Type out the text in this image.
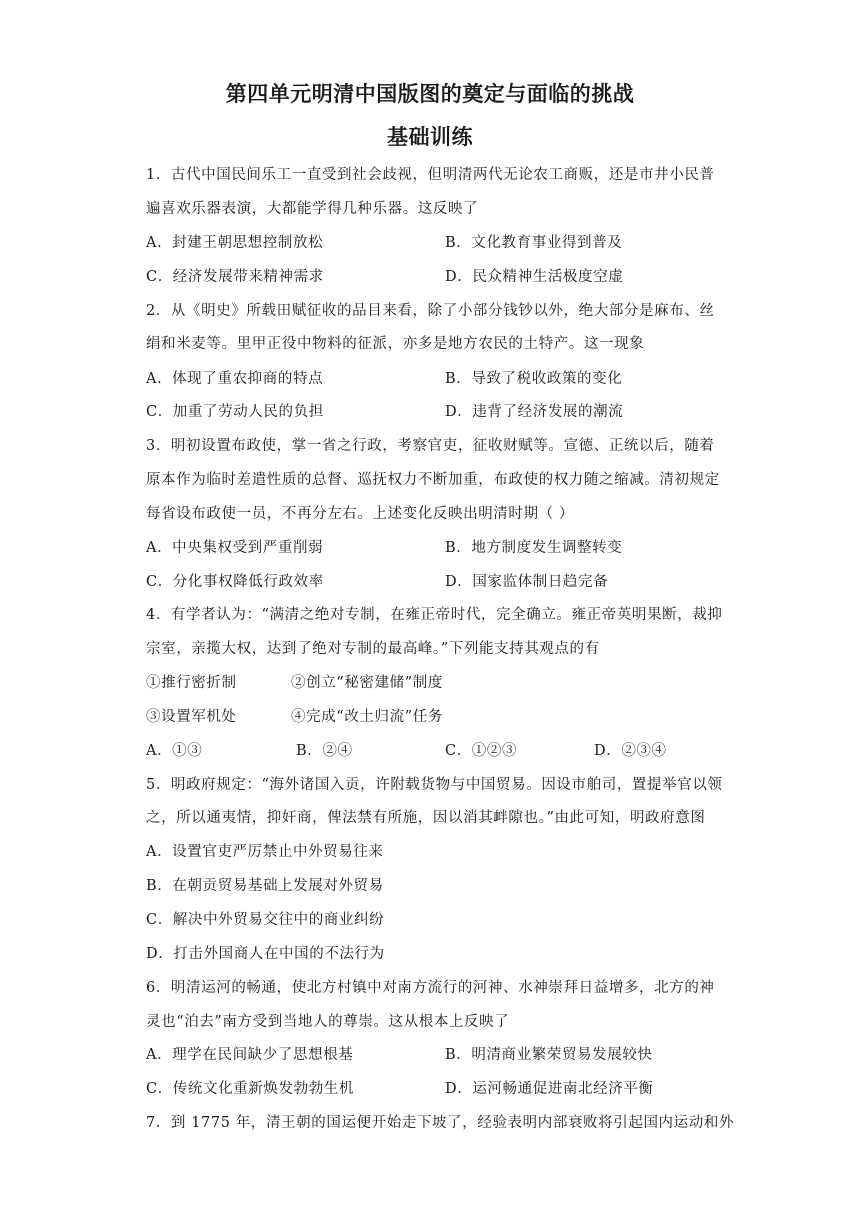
第四单元明清中国版图的奠定与面临的挑战
基础训练
1．古代中国民间乐工一直受到社会歧视，但明清两代无论农工商贩，还是市井小民普
遍喜欢乐器表演，大都能学得几种乐器。这反映了
A．封建王朝思想控制放松	B．文化教育事业得到普及
C．经济发展带来精神需求	D．民众精神生活极度空虚
2．从《明史》所载田赋征收的品目来看，除了小部分钱钞以外，绝大部分是麻布、丝
绢和米麦等。里甲正役中物料的征派，亦多是地方农民的土特产。这一现象
A．体现了重农抑商的特点	B．导致了税收政策的变化
C．加重了劳动人民的负担	D．违背了经济发展的潮流
3．明初设置布政使，掌一省之行政，考察官吏，征收财赋等。宣德、正统以后，随着
原本作为临时差遣性质的总督、巡抚权力不断加重，布政使的权力随之缩减。清初规定
每省设布政使一员，不再分左右。上述变化反映出明清时期（ ）
A．中央集权受到严重削弱	B．地方制度发生调整转变
C．分化事权降低行政效率	D．国家监体制日趋完备
4．有学者认为：“满清之绝对专制，在雍正帝时代，完全确立。雍正帝英明果断，裁抑
宗室，亲揽大权，达到了绝对专制的最高峰。”下列能支持其观点的有
①推行密折制	②创立“秘密建储”制度
③设置军机处	④完成“改土归流”任务
A．①③	B．②④	C．①②③	D．②③④
5．明政府规定：“海外诸国入贡，许附载货物与中国贸易。因设市舶司，置提举官以领
之，所以通夷情，抑奸商，俾法禁有所施，因以消其衅隙也。”由此可知，明政府意图
A．设置官吏严厉禁止中外贸易往来
B．在朝贡贸易基础上发展对外贸易
C．解决中外贸易交往中的商业纠纷
D．打击外国商人在中国的不法行为
6．明清运河的畅通，使北方村镇中对南方流行的河神、水神崇拜日益增多，北方的神
灵也“泊去”南方受到当地人的尊崇。这从根本上反映了
A．理学在民间缺少了思想根基	B．明清商业繁荣贸易发展较快
C．传统文化重新焕发勃勃生机	D．运河畅通促进南北经济平衡
7．到 1775 年，清王朝的国运便开始走下坡了，经验表明内部衰败将引起国内运动和外
